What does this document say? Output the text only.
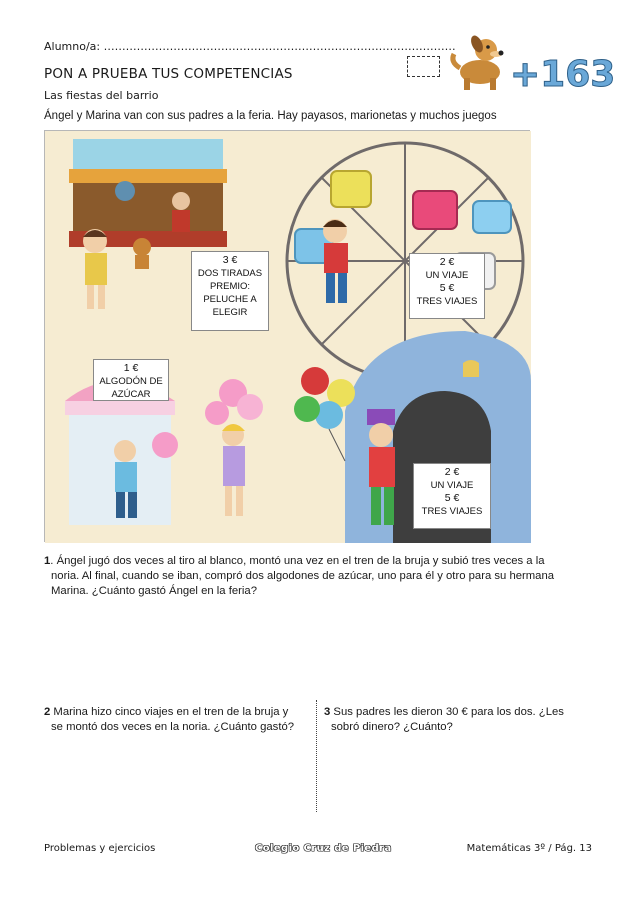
Alumno/a: ……………………………………………………………………………………
PON A PRUEBA TUS COMPETENCIAS
Las fiestas del barrio
Ángel y Marina van con sus padres a la feria. Hay payasos, marionetas y muchos juegos
+163
3 €
DOS TIRADAS
PREMIO:
PELUCHE A
ELEGIR
2 €
UN VIAJE
5 €
TRES VIAJES
1 €
ALGODÓN DE
AZÚCAR
2 €
UN VIAJE
5 €
TRES VIAJES
1. Ángel jugó dos veces al tiro al blanco, montó una vez en el tren de la bruja y subió tres veces a la
noria. Al final, cuando se iban, compró dos algodones de azúcar, uno para él y otro para su hermana
Marina. ¿Cuánto gastó Ángel en la feria?
2 Marina hizo cinco viajes en el tren de la bruja y
se montó dos veces en la noria. ¿Cuánto gastó?
3 Sus padres les dieron 30 € para los dos. ¿Les
sobró dinero? ¿Cuánto?
Problemas y ejercicios	Colegio Cruz de Piedra	Matemáticas 3º / Pág. 13
